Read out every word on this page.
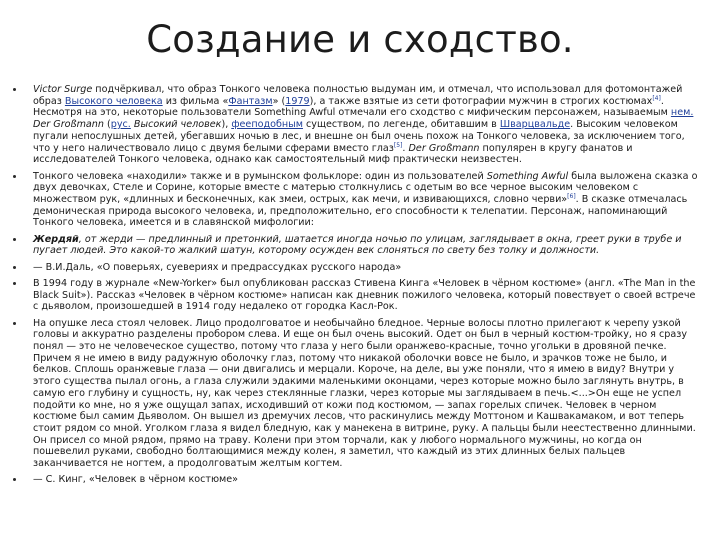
Создание и сходство.
Victor Surge подчёркивал, что образ Тонкого человека полностью выдуман им, и отмечал, что использовал для фотомонтажей образ Высокого человека из фильма «Фантазм» (1979), а также взятые из сети фотографии мужчин в строгих костюмах[4]. Несмотря на это, некоторые пользователи Something Awful отмечали его сходство с мифическим персонажем, называемым нем. Der Großmann (рус. Высокий человек), фееподобным существом, по легенде, обитавшим в Шварцвальде. Высоким человеком пугали непослушных детей, убегавших ночью в лес, и внешне он был очень похож на Тонкого человека, за исключением того, что у него наличествовало лицо с двумя белыми сферами вместо глаз[5]. Der Großmann популярен в кругу фанатов и исследователей Тонкого человека, однако как самостоятельный миф практически неизвестен.
Тонкого человека «находили» также и в румынском фольклоре: один из пользователей Something Awful была выложена сказка о двух девочках, Стеле и Сорине, которые вместе с матерью столкнулись с одетым во все черное высоким человеком с множеством рук, «длинных и бесконечных, как змеи, острых, как мечи, и извивающихся, словно черви»[6]. В сказке отмечалась демоническая природа высокого человека, и, предположительно, его способности к телепатии. Персонаж, напоминающий Тонкого человека, имеется и в славянской мифологии:
Жердяй, от жерди — предлинный и претонкий, шатается иногда ночью по улицам, заглядывает в окна, греет руки в трубе и пугает людей. Это какой-то жалкий шатун, которому осужден век слоняться по свету без толку и должности.
— В.И.Даль, «О поверьях, суевериях и предрассудках русского народа»
В 1994 году в журнале «New-Yorker» был опубликован рассказ Стивена Кинга «Человек в чёрном костюме» (англ. «The Man in the Black Suit»). Рассказ «Человек в чёрном костюме» написан как дневник пожилого человека, который повествует о своей встрече с дьяволом, произошедшей в 1914 году недалеко от городка Касл-Рок.
На опушке леса стоял человек. Лицо продолговатое и необычайно бледное. Черные волосы плотно прилегают к черепу узкой головы и аккуратно разделены пробором слева. И еще он был очень высокий. Одет он был в черный костюм-тройку, но я сразу понял — это не человеческое существо, потому что глаза у него были оранжево-красные, точно угольки в дровяной печке. Причем я не имею в виду радужную оболочку глаз, потому что никакой оболочки вовсе не было, и зрачков тоже не было, и белков. Сплошь оранжевые глаза — они двигались и мерцали. Короче, на деле, вы уже поняли, что я имею в виду? Внутри у этого существа пылал огонь, а глаза служили эдакими маленькими оконцами, через которые можно было заглянуть внутрь, в самую его глубину и сущность, ну, как через стеклянные глазки, через которые мы заглядываем в печь.<...>Он еще не успел подойти ко мне, но я уже ощущал запах, исходивший от кожи под костюмом, — запах горелых спичек. Человек в черном костюме был самим Дьяволом. Он вышел из дремучих лесов, что раскинулись между Моттоном и Кашвакамаком, и вот теперь стоит рядом со мной. Уголком глаза я видел бледную, как у манекена в витрине, руку. А пальцы были неестественно длинными. Он присел со мной рядом, прямо на траву. Колени при этом торчали, как у любого нормального мужчины, но когда он пошевелил руками, свободно болтающимися между колен, я заметил, что каждый из этих длинных белых пальцев заканчивается не ногтем, а продолговатым желтым когтем.
— С. Кинг, «Человек в чёрном костюме»
